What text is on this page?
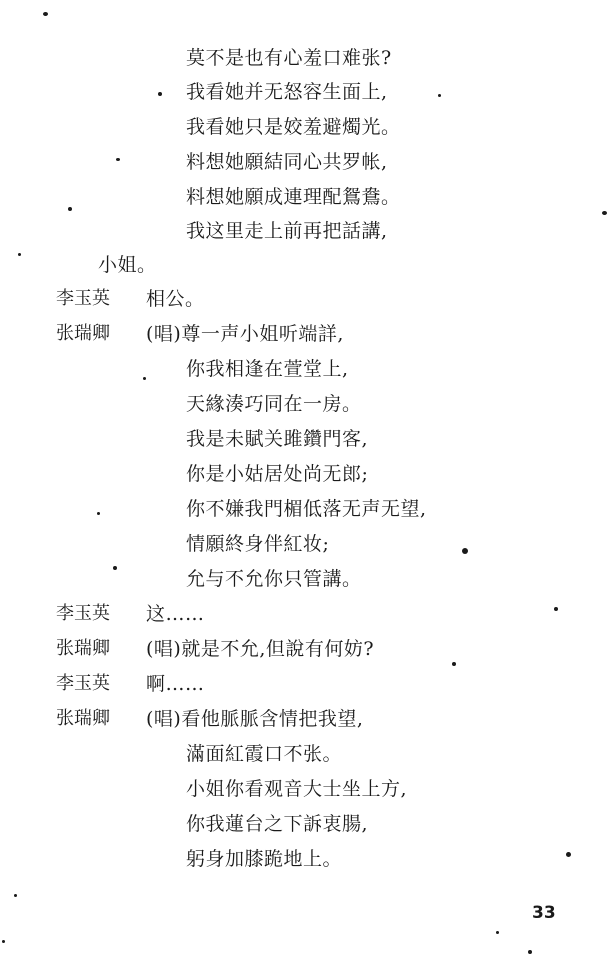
莫不是也有心羞口难张?
我看她并无怒容生面上,
我看她只是姣羞避燭光。
料想她願結同心共罗帐,
料想她願成連理配鴛鴦。
我这里走上前再把話講,
小姐。
李玉英 相公。
张瑞卿 (唱)尊一声小姐听端詳,
你我相逢在萱堂上,
天緣湊巧同在一房。
我是未賦关雎鑽門客,
你是小姑居处尚无郎;
你不嫌我門楣低落无声无望,
情願終身伴紅妆;
允与不允你只管講。
李玉英 这……
张瑞卿 (唱)就是不允,但說有何妨?
李玉英 啊……
张瑞卿 (唱)看他脈脈含情把我望,
滿面紅霞口不张。
小姐你看观音大士坐上方,
你我蓮台之下訴衷腸,
躬身加膝跪地上。
33
